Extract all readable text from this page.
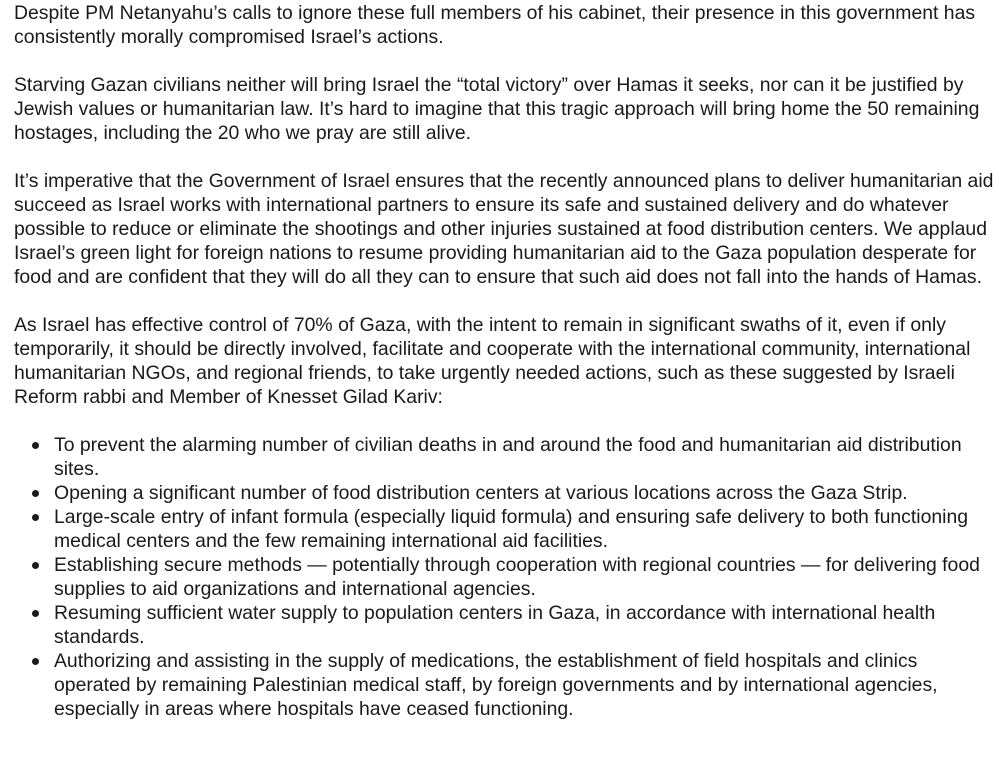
Despite PM Netanyahu’s calls to ignore these full members of his cabinet, their presence in this government has consistently morally compromised Israel’s actions.

Starving Gazan civilians neither will bring Israel the “total victory” over Hamas it seeks, nor can it be justified by Jewish values or humanitarian law. It’s hard to imagine that this tragic approach will bring home the 50 remaining hostages, including the 20 who we pray are still alive.

It’s imperative that the Government of Israel ensures that the recently announced plans to deliver humanitarian aid succeed as Israel works with international partners to ensure its safe and sustained delivery and do whatever possible to reduce or eliminate the shootings and other injuries sustained at food distribution centers. We applaud Israel’s green light for foreign nations to resume providing humanitarian aid to the Gaza population desperate for food and are confident that they will do all they can to ensure that such aid does not fall into the hands of Hamas.

As Israel has effective control of 70% of Gaza, with the intent to remain in significant swaths of it, even if only temporarily, it should be directly involved, facilitate and cooperate with the international community, international humanitarian NGOs, and regional friends, to take urgently needed actions, such as these suggested by Israeli Reform rabbi and Member of Knesset Gilad Kariv:

To prevent the alarming number of civilian deaths in and around the food and humanitarian aid distribution sites.
Opening a significant number of food distribution centers at various locations across the Gaza Strip.
Large-scale entry of infant formula (especially liquid formula) and ensuring safe delivery to both functioning medical centers and the few remaining international aid facilities.
Establishing secure methods — potentially through cooperation with regional countries — for delivering food supplies to aid organizations and international agencies.
Resuming sufficient water supply to population centers in Gaza, in accordance with international health standards.
Authorizing and assisting in the supply of medications, the establishment of field hospitals and clinics operated by remaining Palestinian medical staff, by foreign governments and by international agencies, especially in areas where hospitals have ceased functioning.
